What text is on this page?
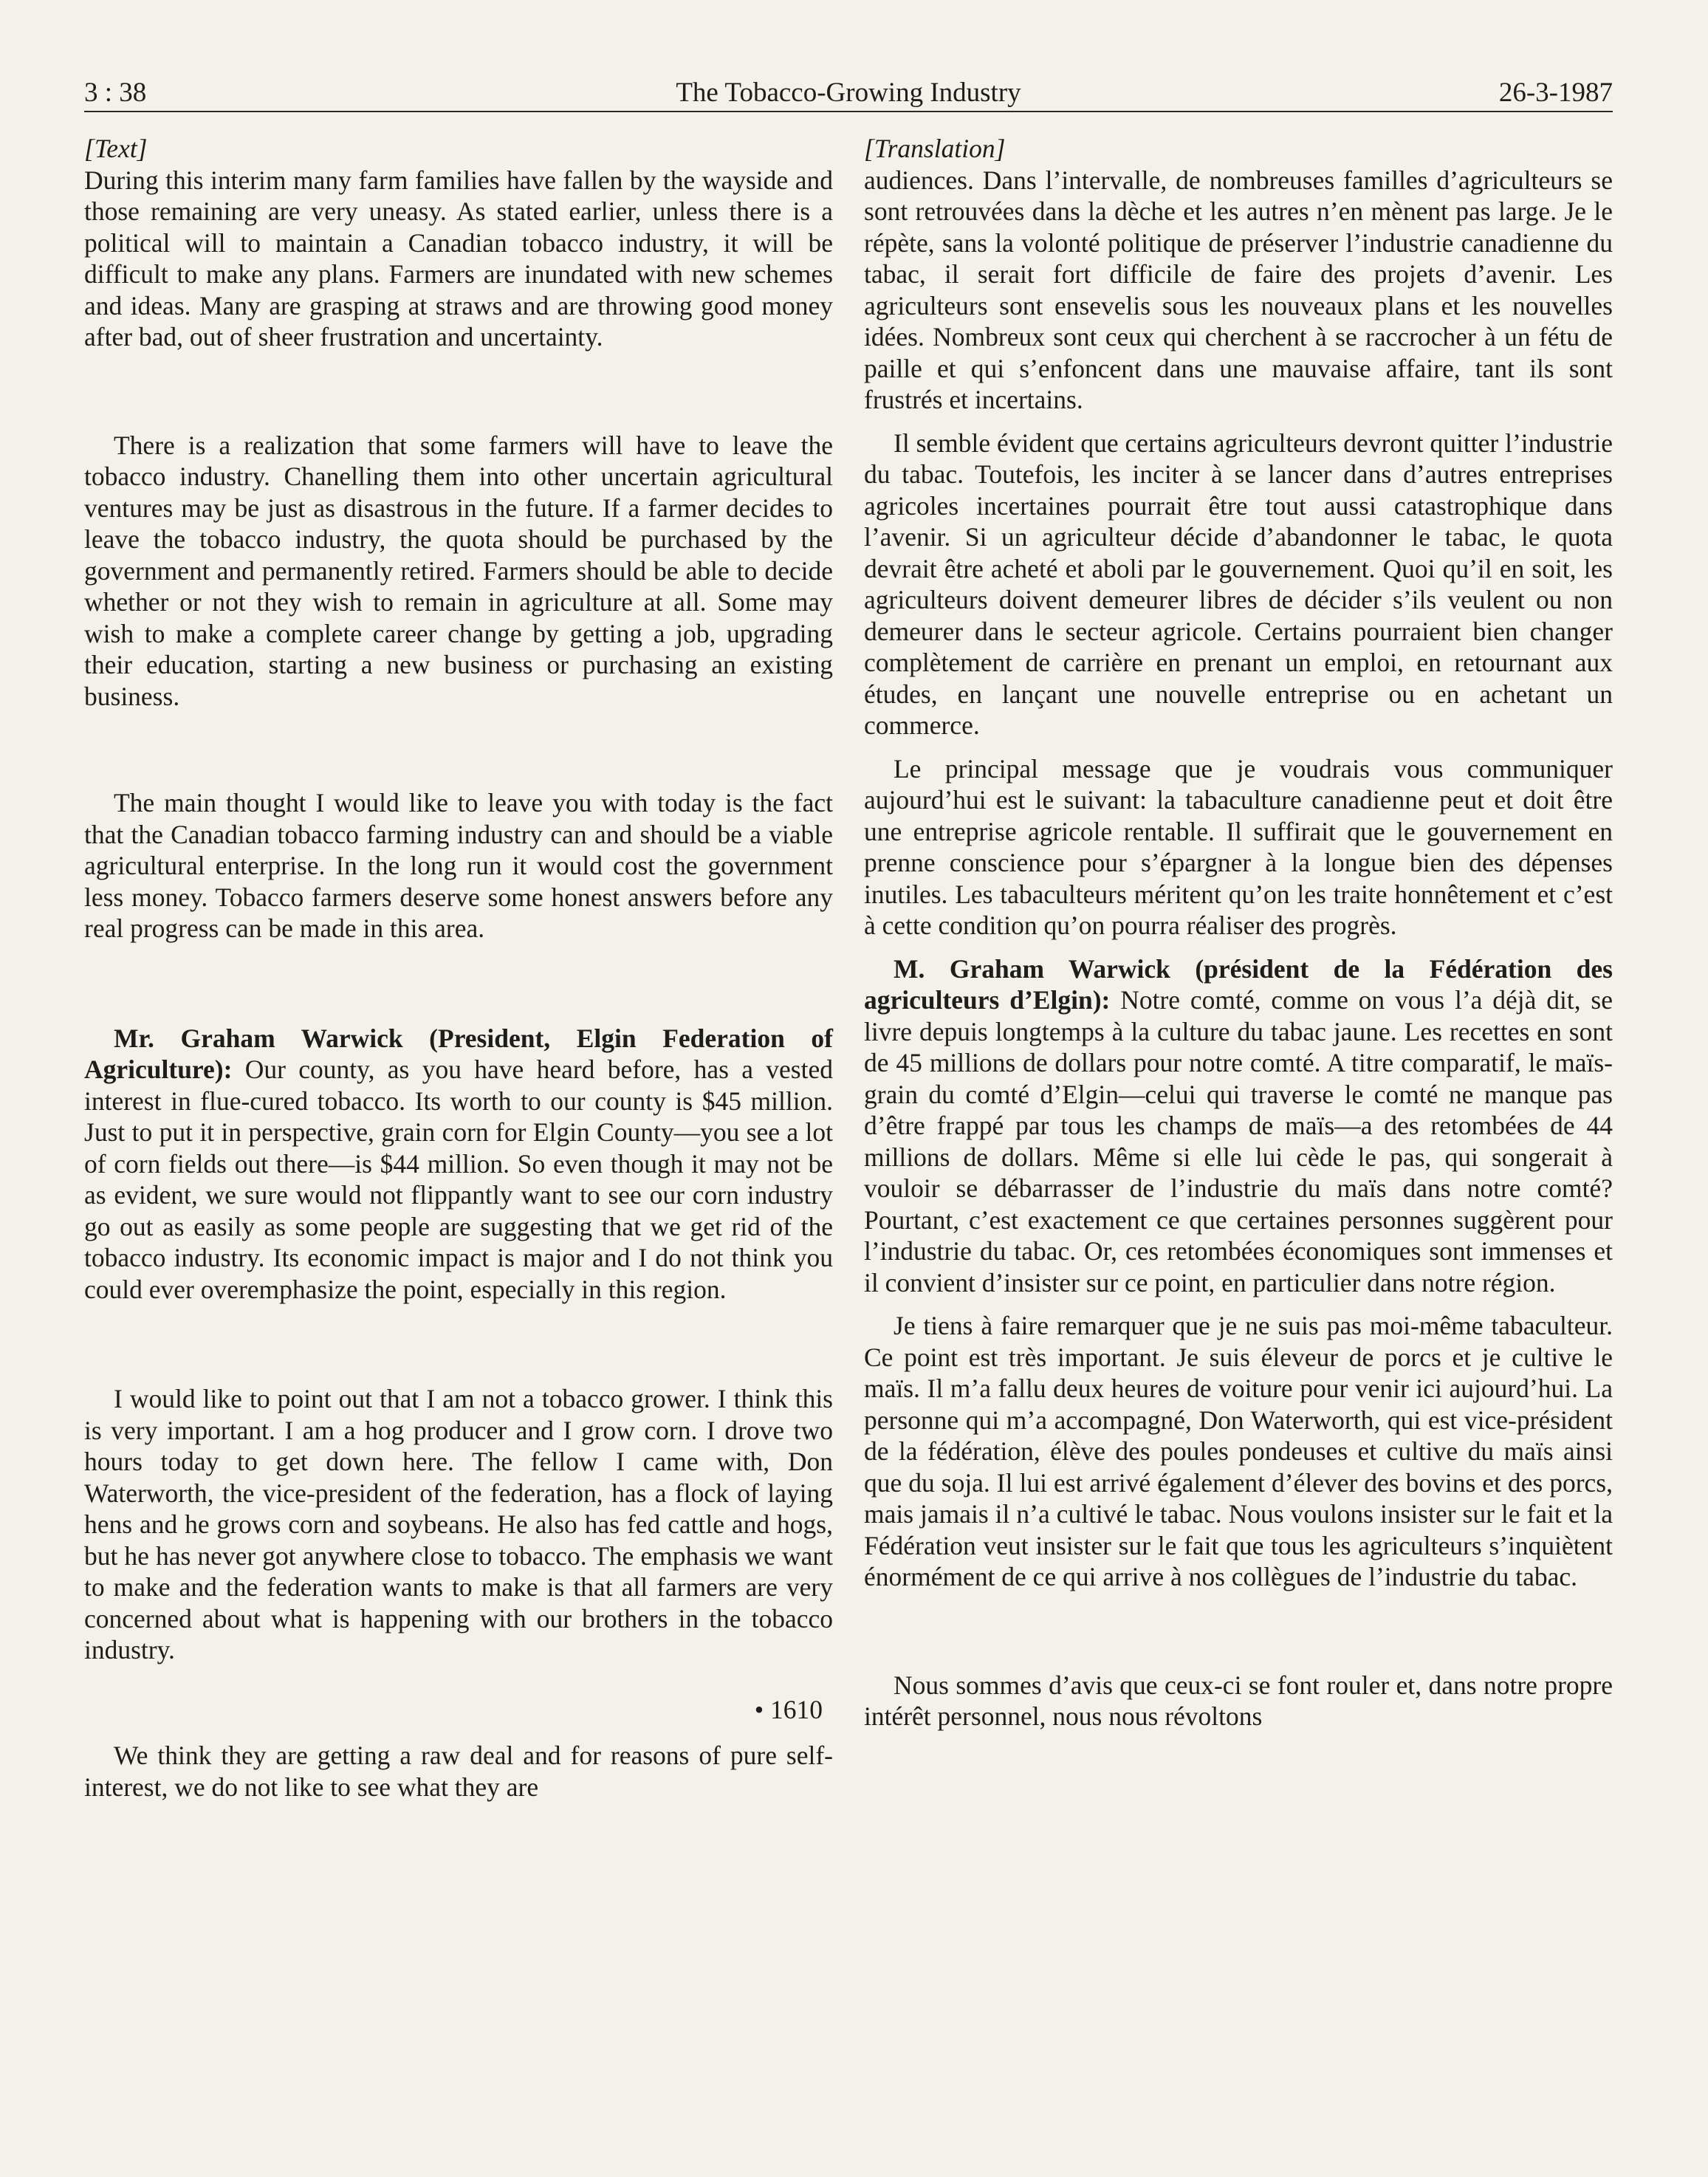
3 : 38	The Tobacco-Growing Industry	26-3-1987

[Text]

During this interim many farm families have fallen by the wayside and those remaining are very uneasy. As stated earlier, unless there is a political will to maintain a Canadian tobacco industry, it will be difficult to make any plans. Farmers are inundated with new schemes and ideas. Many are grasping at straws and are throwing good money after bad, out of sheer frustration and uncertainty.

There is a realization that some farmers will have to leave the tobacco industry. Chanelling them into other uncertain agricultural ventures may be just as disastrous in the future. If a farmer decides to leave the tobacco industry, the quota should be purchased by the government and permanently retired. Farmers should be able to decide whether or not they wish to remain in agriculture at all. Some may wish to make a complete career change by getting a job, upgrading their education, starting a new business or purchasing an existing business.

The main thought I would like to leave you with today is the fact that the Canadian tobacco farming industry can and should be a viable agricultural enterprise. In the long run it would cost the government less money. Tobacco farmers deserve some honest answers before any real progress can be made in this area.

Mr. Graham Warwick (President, Elgin Federation of Agriculture): Our county, as you have heard before, has a vested interest in flue-cured tobacco. Its worth to our county is $45 million. Just to put it in perspective, grain corn for Elgin County—you see a lot of corn fields out there—is $44 million. So even though it may not be as evident, we sure would not flippantly want to see our corn industry go out as easily as some people are suggesting that we get rid of the tobacco industry. Its economic impact is major and I do not think you could ever overemphasize the point, especially in this region.

I would like to point out that I am not a tobacco grower. I think this is very important. I am a hog producer and I grow corn. I drove two hours today to get down here. The fellow I came with, Don Waterworth, the vice-president of the federation, has a flock of laying hens and he grows corn and soybeans. He also has fed cattle and hogs, but he has never got anywhere close to tobacco. The emphasis we want to make and the federation wants to make is that all farmers are very concerned about what is happening with our brothers in the tobacco industry.

• 1610

We think they are getting a raw deal and for reasons of pure self-interest, we do not like to see what they are

[Translation]

audiences. Dans l’intervalle, de nombreuses familles d’agriculteurs se sont retrouvées dans la dèche et les autres n’en mènent pas large. Je le répète, sans la volonté politique de préserver l’industrie canadienne du tabac, il serait fort difficile de faire des projets d’avenir. Les agriculteurs sont ensevelis sous les nouveaux plans et les nouvelles idées. Nombreux sont ceux qui cherchent à se raccrocher à un fétu de paille et qui s’enfoncent dans une mauvaise affaire, tant ils sont frustrés et incertains.

Il semble évident que certains agriculteurs devront quitter l’industrie du tabac. Toutefois, les inciter à se lancer dans d’autres entreprises agricoles incertaines pourrait être tout aussi catastrophique dans l’avenir. Si un agriculteur décide d’abandonner le tabac, le quota devrait être acheté et aboli par le gouvernement. Quoi qu’il en soit, les agriculteurs doivent demeurer libres de décider s’ils veulent ou non demeurer dans le secteur agricole. Certains pourraient bien changer complètement de carrière en prenant un emploi, en retournant aux études, en lançant une nouvelle entreprise ou en achetant un commerce.

Le principal message que je voudrais vous communiquer aujourd’hui est le suivant: la tabaculture canadienne peut et doit être une entreprise agricole rentable. Il suffirait que le gouvernement en prenne conscience pour s’épargner à la longue bien des dépenses inutiles. Les tabaculteurs méritent qu’on les traite honnêtement et c’est à cette condition qu’on pourra réaliser des progrès.

M. Graham Warwick (président de la Fédération des agriculteurs d’Elgin): Notre comté, comme on vous l’a déjà dit, se livre depuis longtemps à la culture du tabac jaune. Les recettes en sont de 45 millions de dollars pour notre comté. A titre comparatif, le maïs-grain du comté d’Elgin—celui qui traverse le comté ne manque pas d’être frappé par tous les champs de maïs—a des retombées de 44 millions de dollars. Même si elle lui cède le pas, qui songerait à vouloir se débarrasser de l’industrie du maïs dans notre comté? Pourtant, c’est exactement ce que certaines personnes suggèrent pour l’industrie du tabac. Or, ces retombées économiques sont immenses et il convient d’insister sur ce point, en particulier dans notre région.

Je tiens à faire remarquer que je ne suis pas moi-même tabaculteur. Ce point est très important. Je suis éleveur de porcs et je cultive le maïs. Il m’a fallu deux heures de voiture pour venir ici aujourd’hui. La personne qui m’a accompagné, Don Waterworth, qui est vice-président de la fédération, élève des poules pondeuses et cultive du maïs ainsi que du soja. Il lui est arrivé également d’élever des bovins et des porcs, mais jamais il n’a cultivé le tabac. Nous voulons insister sur le fait et la Fédération veut insister sur le fait que tous les agriculteurs s’inquiètent énormément de ce qui arrive à nos collègues de l’industrie du tabac.

Nous sommes d’avis que ceux-ci se font rouler et, dans notre propre intérêt personnel, nous nous révoltons
